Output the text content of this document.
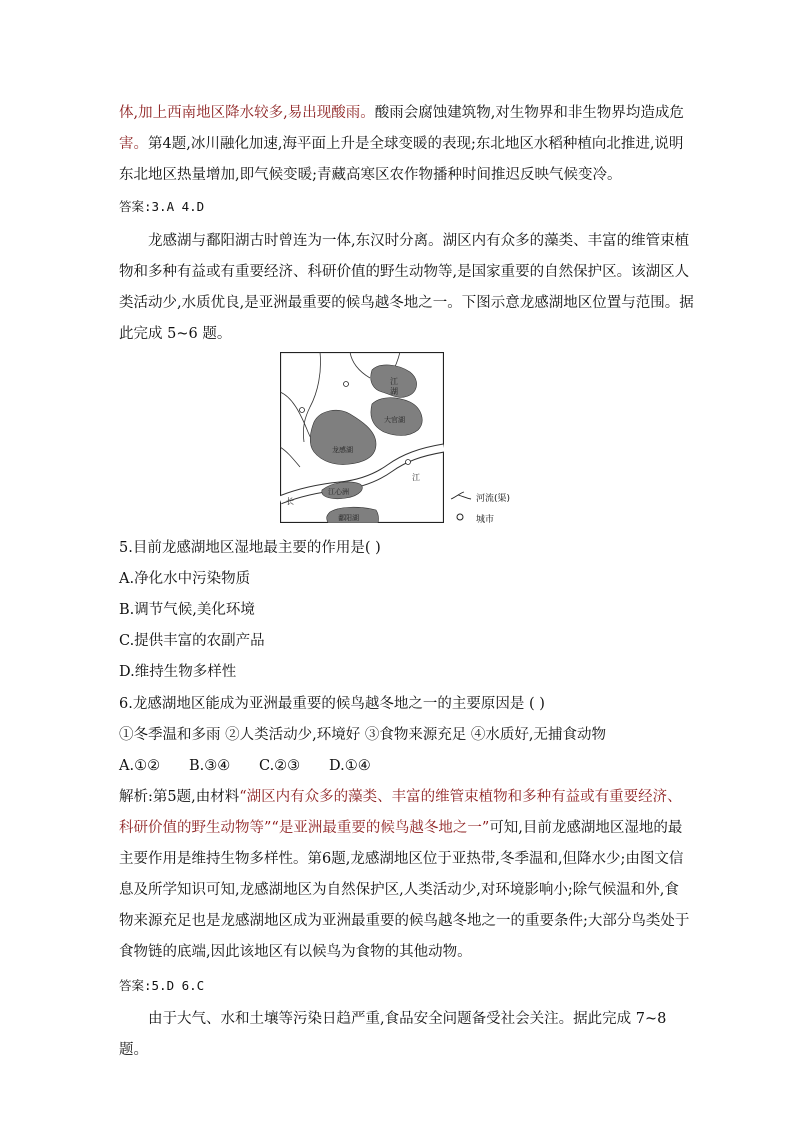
体,加上西南地区降水较多,易出现酸雨。酸雨会腐蚀建筑物,对生物界和非生物界均造成危
害。第4题,冰川融化加速,海平面上升是全球变暖的表现;东北地区水稻种植向北推进,说明
东北地区热量增加,即气候变暖;青藏高寒区农作物播种时间推迟反映气候变冷。
答案:3.A 4.D
龙感湖与鄱阳湖古时曾连为一体,东汉时分离。湖区内有众多的藻类、丰富的维管束植
物和多种有益或有重要经济、科研价值的野生动物等,是国家重要的自然保护区。该湖区人
类活动少,水质优良,是亚洲最重要的候鸟越冬地之一。下图示意龙感湖地区位置与范围。据
此完成 5~6 题。
江
湖
大官湖
龙感湖
江
长
江心洲
鄱阳湖
河流(渠)
城市
5.目前龙感湖地区湿地最主要的作用是( )
A.净化水中污染物质
B.调节气候,美化环境
C.提供丰富的农副产品
D.维持生物多样性
6.龙感湖地区能成为亚洲最重要的候鸟越冬地之一的主要原因是 ( )
①冬季温和多雨 ②人类活动少,环境好 ③食物来源充足 ④水质好,无捕食动物
A.①② B.③④ C.②③ D.①④
解析:第5题,由材料“湖区内有众多的藻类、丰富的维管束植物和多种有益或有重要经济、
科研价值的野生动物等”“是亚洲最重要的候鸟越冬地之一”可知,目前龙感湖地区湿地的最
主要作用是维持生物多样性。第6题,龙感湖地区位于亚热带,冬季温和,但降水少;由图文信
息及所学知识可知,龙感湖地区为自然保护区,人类活动少,对环境影响小;除气候温和外,食
物来源充足也是龙感湖地区成为亚洲最重要的候鸟越冬地之一的重要条件;大部分鸟类处于
食物链的底端,因此该地区有以候鸟为食物的其他动物。
答案:5.D 6.C
由于大气、水和土壤等污染日趋严重,食品安全问题备受社会关注。据此完成 7~8 题。
